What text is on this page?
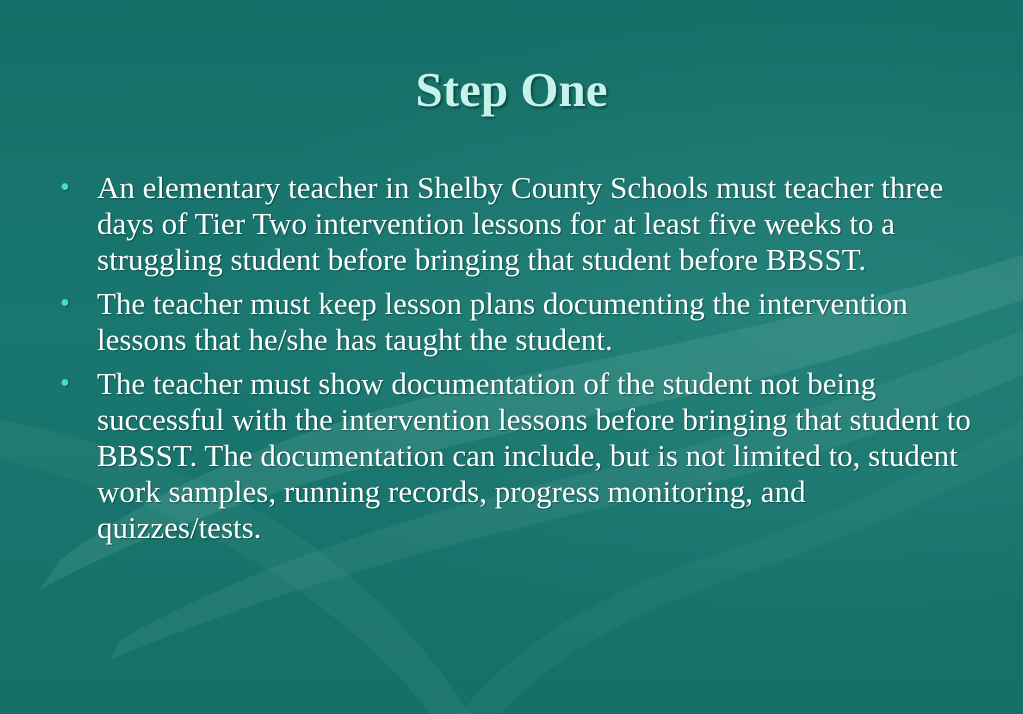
Step One
• An elementary teacher in Shelby County Schools must teacher three days of Tier Two intervention lessons for at least five weeks to a struggling student before bringing that student before BBSST.
• The teacher must keep lesson plans documenting the intervention lessons that he/she has taught the student.
• The teacher must show documentation of the student not being successful with the intervention lessons before bringing that student to BBSST. The documentation can include, but is not limited to, student work samples, running records, progress monitoring, and quizzes/tests.
